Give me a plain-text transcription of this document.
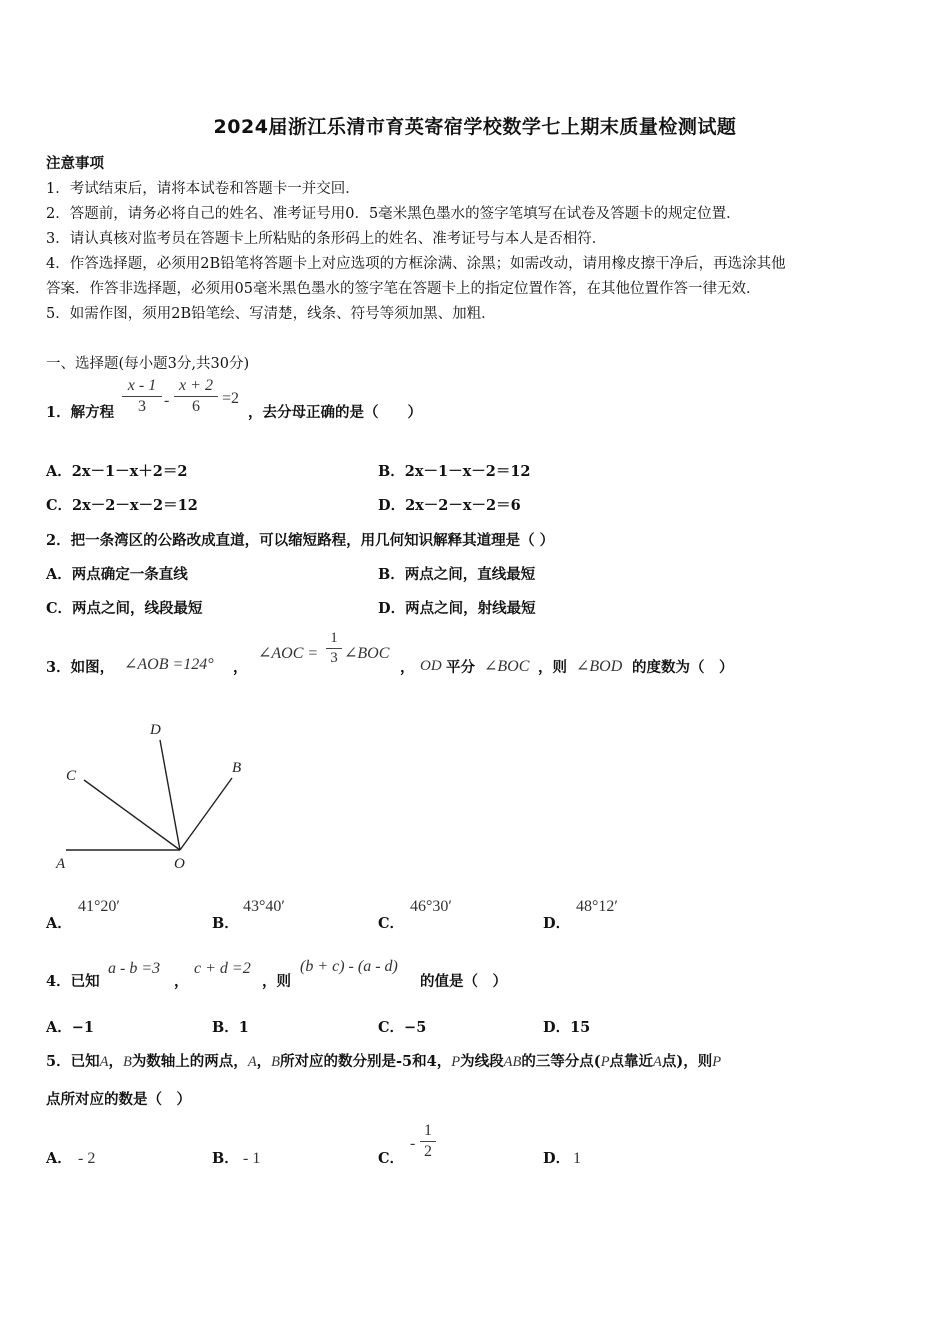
2024届浙江乐清市育英寄宿学校数学七上期末质量检测试题
注意事项
1．考试结束后，请将本试卷和答题卡一并交回．
2．答题前，请务必将自己的姓名、准考证号用0．5毫米黑色墨水的签字笔填写在试卷及答题卡的规定位置．
3．请认真核对监考员在答题卡上所粘贴的条形码上的姓名、准考证号与本人是否相符．
4．作答选择题，必须用2B铅笔将答题卡上对应选项的方框涂满、涂黑；如需改动，请用橡皮擦干净后，再选涂其他
答案．作答非选择题，必须用05毫米黑色墨水的签字笔在答题卡上的指定位置作答，在其他位置作答一律无效．
5．如需作图，须用2B铅笔绘、写清楚，线条、符号等须加黑、加粗．
一、选择题(每小题3分,共30分)
1．解方程
x - 1
3	-
x + 2
6	=2
，去分母正确的是（　　）
A．2x－1－x＋2＝2	B．2x－1－x－2＝12
C．2x－2－x－2＝12	D．2x－2－x－2＝6
2．把一条湾区的公路改成直道，可以缩短路程，用几何知识解释其道理是（ ）
A．两点确定一条直线	B．两点之间，直线最短
C．两点之间，线段最短	D．两点之间，射线最短
3．如图， ∠AOB =124° ，
∠AOC =
1
3 ∠BOC
， OD 平分 ∠BOC ，则 ∠BOD 的度数为（　）
A	O
B
C
D
A．
41°20′
B．
43°40′
C．
46°30′
D．
48°12′
4．已知
a - b =3
，
c + d =2
，则
(b + c) - (a - d)
的值是（　）
A．−1	B．1	C．−5	D．15
5．已知A，B为数轴上的两点，A，B所对应的数分别是-5和4，P为线段AB的三等分点(P点靠近A点)，则P
点所对应的数是（　）
A． - 2	B． - 1	C．
-
1
2	D． 1
